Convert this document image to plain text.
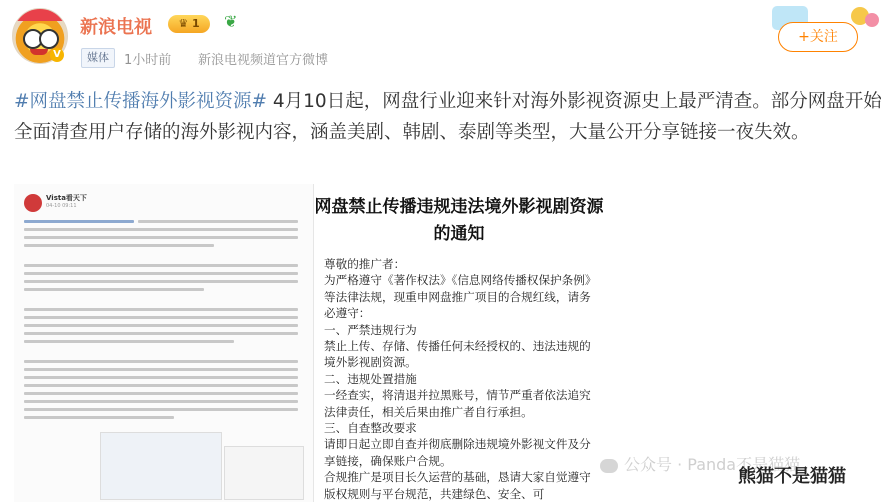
V
新浪电视	♛ 1	❦
媒体	1小时前 新浪电视频道官方微博
+关注
#网盘禁止传播海外影视资源# 4月10日起，网盘行业迎来针对海外影视资源史上最严清查。部分网盘开始全面清查用户存储的海外影视内容，涵盖美剧、韩剧、泰剧等类型，大量公开分享链接一夜失效。
Vista看天下
04-10 09:11	网盘禁止传播违规违法境外影视剧资源的通知

尊敬的推广者：

为严格遵守《著作权法》《信息网络传播权保护条例》等法律法规，现重申网盘推广项目的合规红线，请务必遵守：

一、严禁违规行为

禁止上传、存储、传播任何未经授权的、违法违规的境外影视剧资源。

二、违规处置措施

一经查实，将清退并拉黑账号，情节严重者依法追究法律责任，相关后果由推广者自行承担。

三、自查整改要求

请即日起立即自查并彻底删除违规境外影视文件及分享链接，确保账户合规。

合规推广是项目长久运营的基础，恳请大家自觉遵守版权规则与平台规范，共建绿色、安全、可

公众号 · Panda不是猫猫
熊猫不是猫猫
